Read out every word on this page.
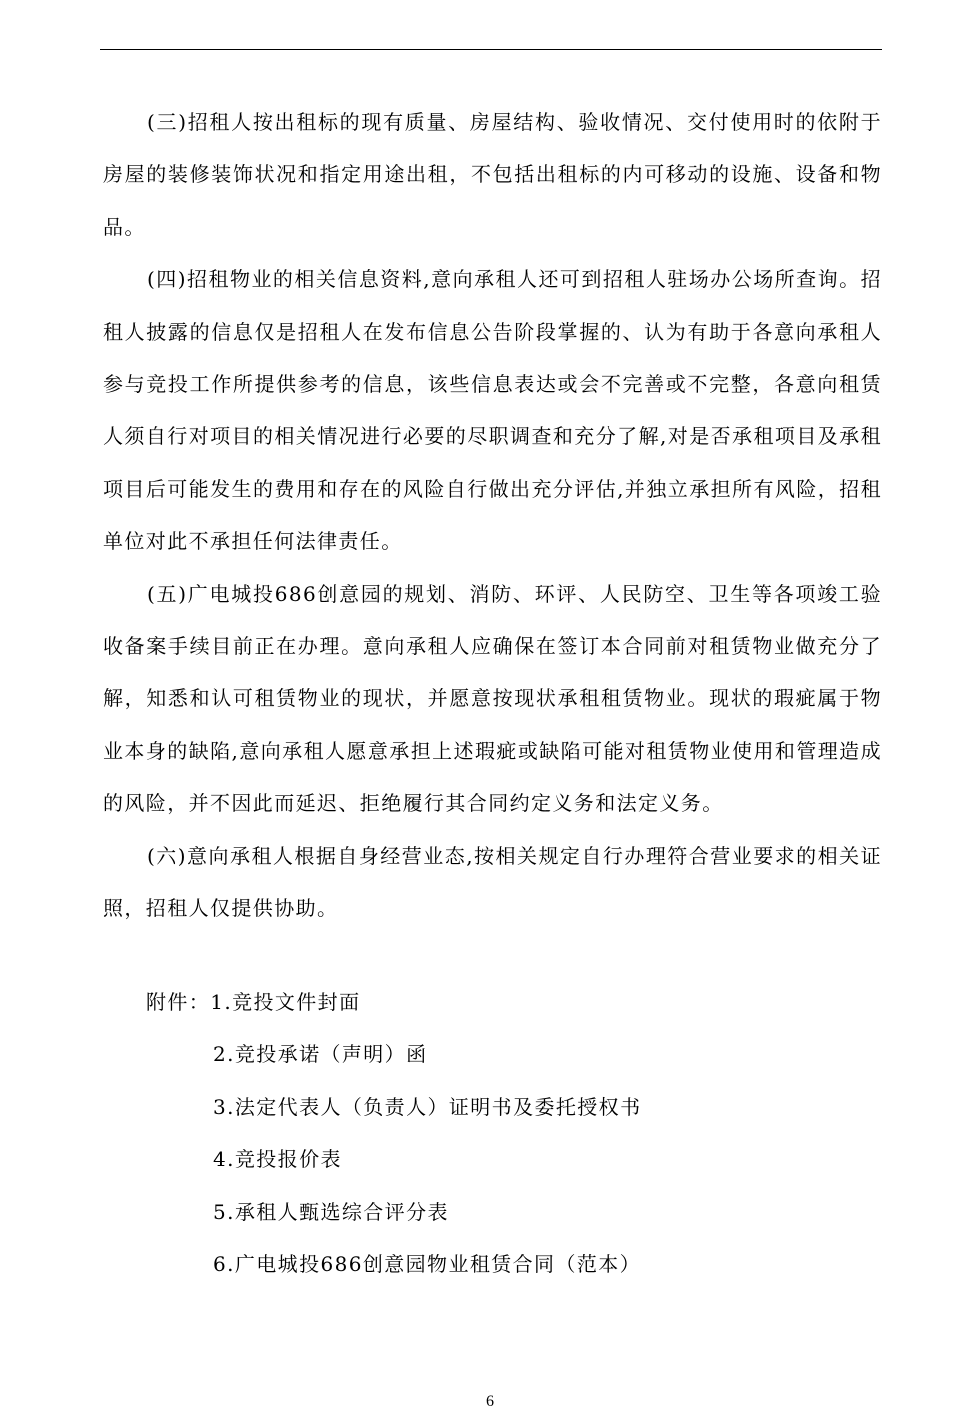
(三)招租人按出租标的现有质量、房屋结构、验收情况、交付使用时的依附于房屋的装修装饰状况和指定用途出租，不包括出租标的内可移动的设施、设备和物品。

(四)招租物业的相关信息资料,意向承租人还可到招租人驻场办公场所查询。招租人披露的信息仅是招租人在发布信息公告阶段掌握的、认为有助于各意向承租人参与竞投工作所提供参考的信息，该些信息表达或会不完善或不完整，各意向租赁人须自行对项目的相关情况进行必要的尽职调查和充分了解,对是否承租项目及承租项目后可能发生的费用和存在的风险自行做出充分评估,并独立承担所有风险，招租单位对此不承担任何法律责任。

(五)广电城投686创意园的规划、消防、环评、人民防空、卫生等各项竣工验收备案手续目前正在办理。意向承租人应确保在签订本合同前对租赁物业做充分了解，知悉和认可租赁物业的现状，并愿意按现状承租租赁物业。现状的瑕疵属于物业本身的缺陷,意向承租人愿意承担上述瑕疵或缺陷可能对租赁物业使用和管理造成的风险，并不因此而延迟、拒绝履行其合同约定义务和法定义务。

(六)意向承租人根据自身经营业态,按相关规定自行办理符合营业要求的相关证照，招租人仅提供协助。

附件：1.竞投文件封面
2.竞投承诺（声明）函
3.法定代表人（负责人）证明书及委托授权书
4.竞投报价表
5.承租人甄选综合评分表
6.广电城投686创意园物业租赁合同（范本）
6
